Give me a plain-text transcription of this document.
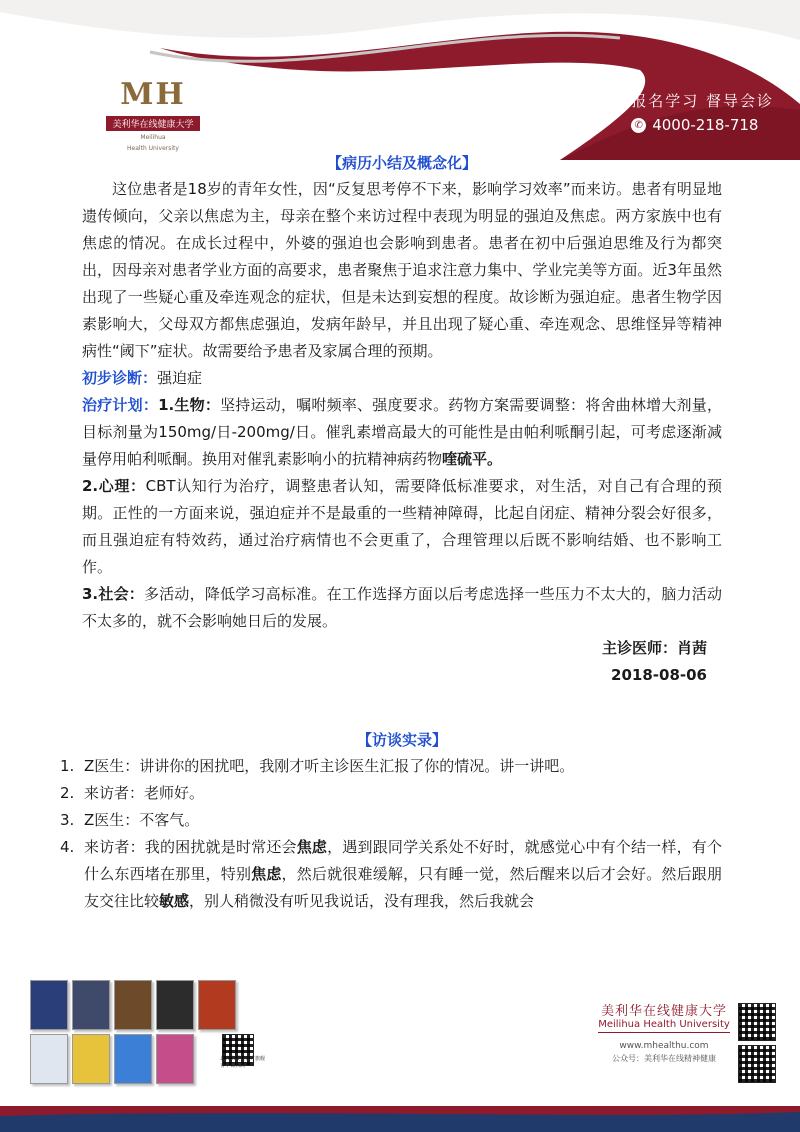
MH
美利华在线健康大学
Meilihua
Health University
报名学习 督导会诊
✆ 4000-218-718
【病历小结及概念化】

这位患者是18岁的青年女性，因“反复思考停不下来，影响学习效率”而来访。患者有明显地遗传倾向，父亲以焦虑为主，母亲在整个来访过程中表现为明显的强迫及焦虑。两方家族中也有焦虑的情况。在成长过程中，外婆的强迫也会影响到患者。患者在初中后强迫思维及行为都突出，因母亲对患者学业方面的高要求，患者聚焦于追求注意力集中、学业完美等方面。近3年虽然出现了一些疑心重及牵连观念的症状，但是未达到妄想的程度。故诊断为强迫症。患者生物学因素影响大，父母双方都焦虑强迫，发病年龄早，并且出现了疑心重、牵连观念、思维怪异等精神病性“阈下”症状。故需要给予患者及家属合理的预期。

初步诊断：强迫症

治疗计划：1.生物：坚持运动，嘱咐频率、强度要求。药物方案需要调整：将舍曲林增大剂量，目标剂量为150mg/日-200mg/日。催乳素增高最大的可能性是由帕利哌酮引起，可考虑逐渐减量停用帕利哌酮。换用对催乳素影响小的抗精神病药物喹硫平。

2.心理：CBT认知行为治疗，调整患者认知，需要降低标准要求，对生活，对自己有合理的预期。正性的一方面来说，强迫症并不是最重的一些精神障碍，比起自闭症、精神分裂会好很多，而且强迫症有特效药，通过治疗病情也不会更重了，合理管理以后既不影响结婚、也不影响工作。

3.社会：多活动，降低学习高标准。在工作选择方面以后考虑选择一些压力不太大的，脑力活动不太多的，就不会影响她日后的发展。

主诊医师：肖茜

2018-08-06

【访谈实录】
1. Z医生：讲讲你的困扰吧，我刚才听主诊医生汇报了你的情况。讲一讲吧。
2. 来访者：老师好。
3. Z医生：不客气。
4. 来访者：我的困扰就是时常还会焦虑，遇到跟同学关系处不好时，就感觉心中有个结一样，有个什么东西堵在那里，特别焦虑，然后就很难缓解，只有睡一觉，然后醒来以后才会好。然后跟朋友交往比较敏感，别人稍微没有听见我说话，没有理我，然后我就会
北大出版社官方旗舰
青年课扫码
美利华在线健康大学
Meilihua Health University
www.mhealthu.com
公众号：美利华在线精神健康
